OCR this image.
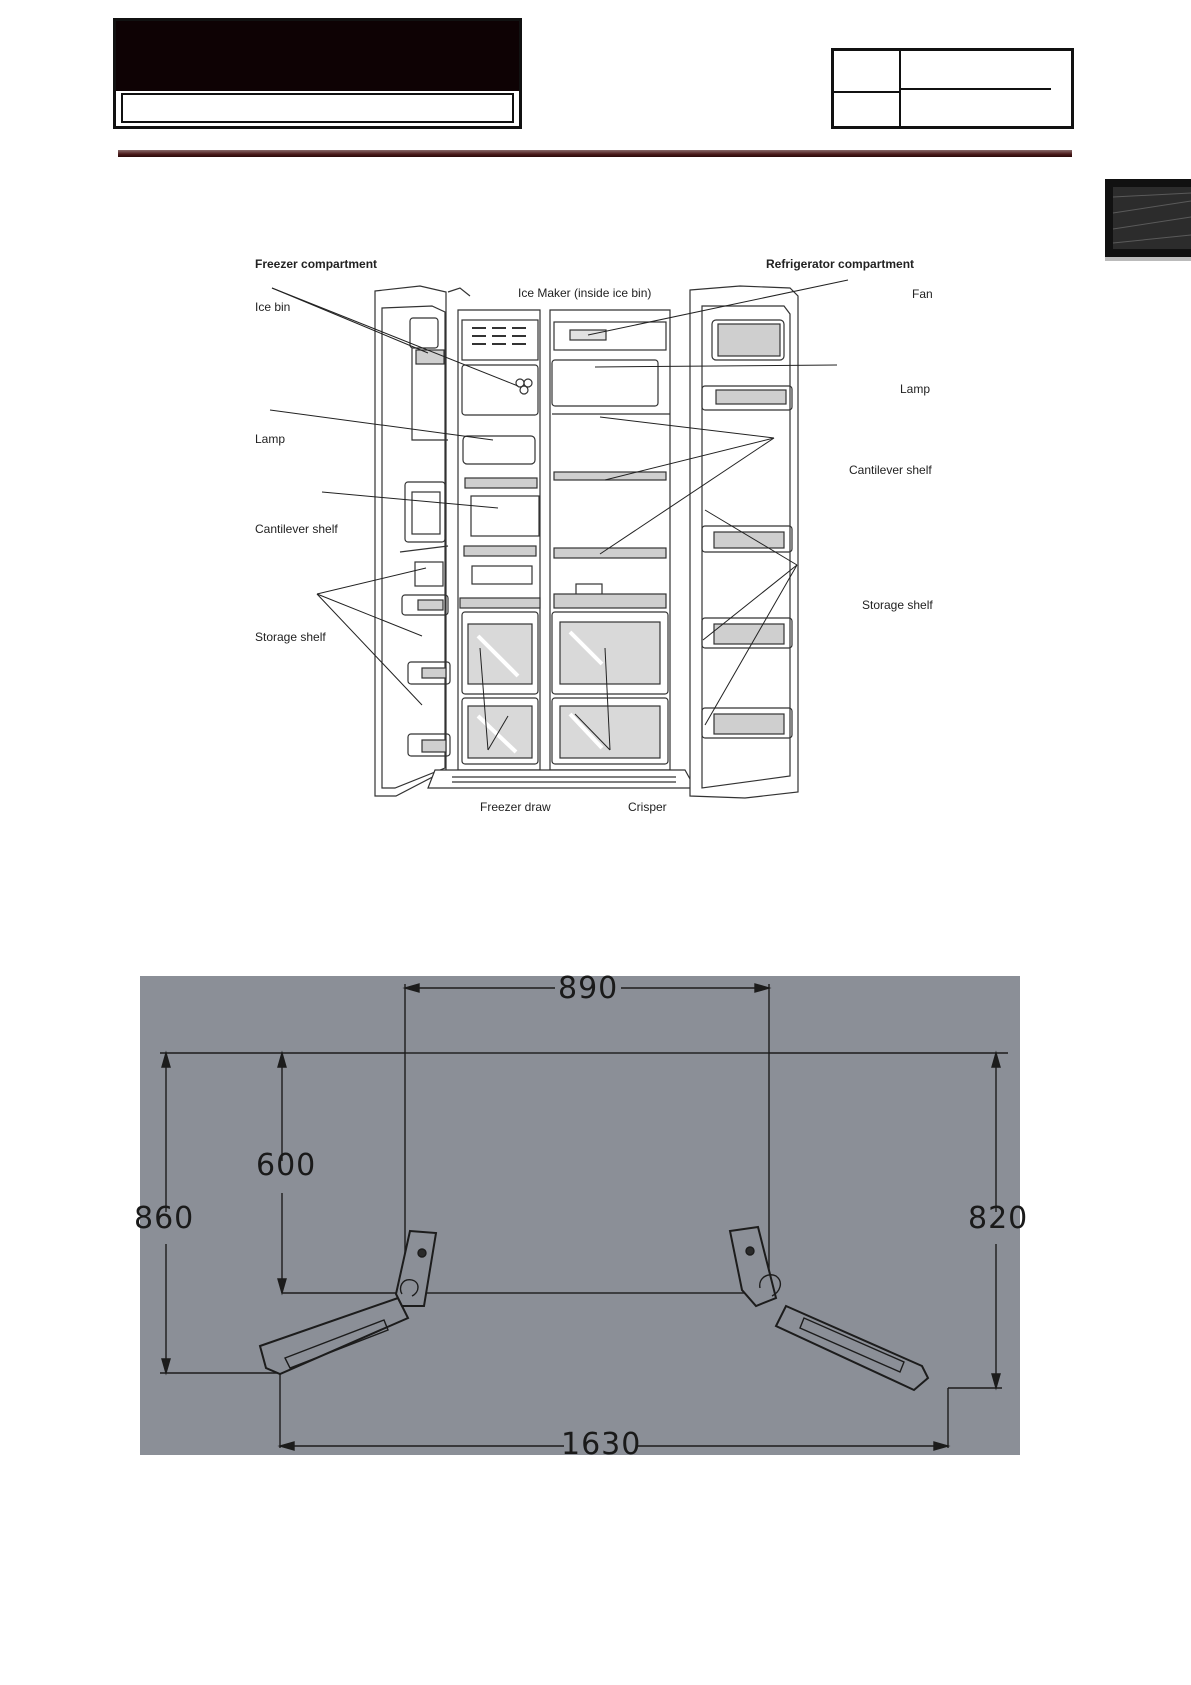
Freezer compartment	Refrigerator compartment
Ice Maker (inside ice bin)
Ice bin
Fan
Lamp
Lamp
Cantilever shelf
Cantilever shelf
Storage shelf
Storage shelf
Freezer draw	Crisper
890
600
860	820
1630
